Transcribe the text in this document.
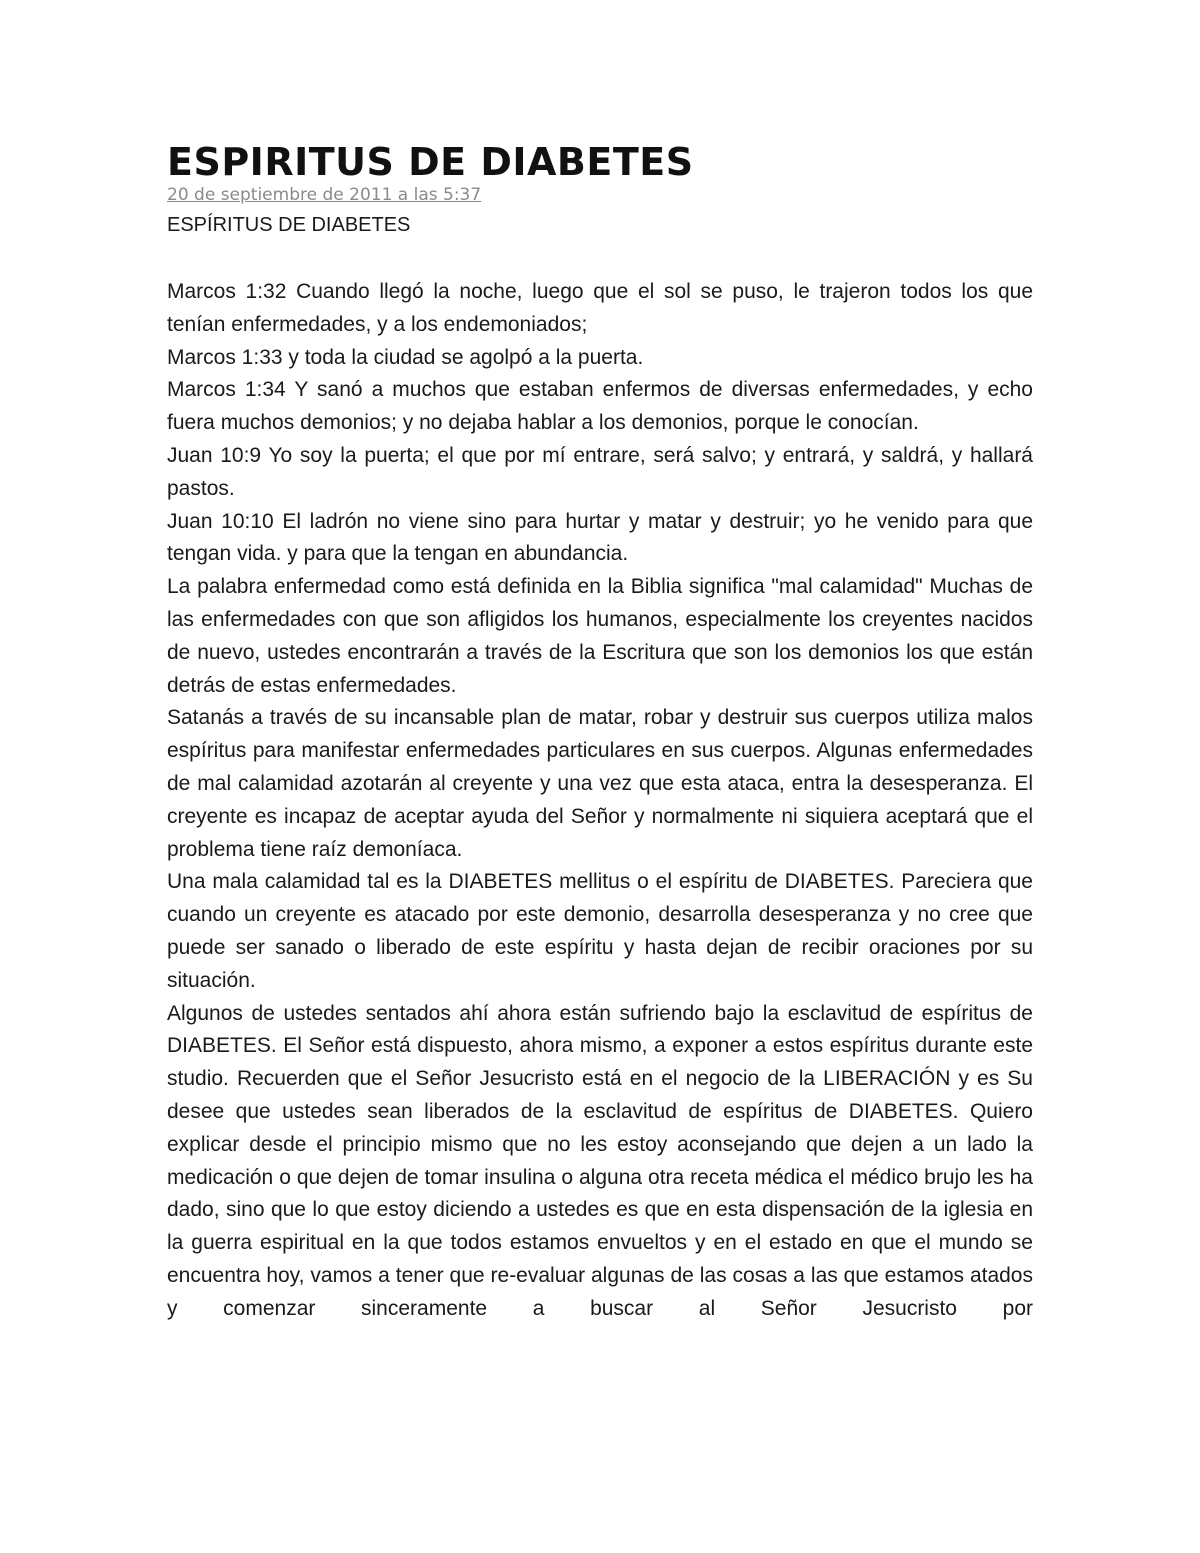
ESPIRITUS DE DIABETES
20 de septiembre de 2011 a las 5:37
ESPÍRITUS DE DIABETES

Marcos 1:32 Cuando llegó la noche, luego que el sol se puso, le trajeron todos los que tenían enfermedades, y a los endemoniados;

Marcos 1:33 y toda la ciudad se agolpó a la puerta.

Marcos 1:34 Y sanó a muchos que estaban enfermos de diversas enfermedades, y echo fuera muchos demonios; y no dejaba hablar a los demonios, porque le conocían.

Juan 10:9 Yo soy la puerta; el que por mí entrare, será salvo; y entrará, y saldrá, y hallará pastos.

Juan 10:10 El ladrón no viene sino para hurtar y matar y destruir; yo he venido para que tengan vida. y para que la tengan en abundancia.

La palabra enfermedad como está definida en la Biblia significa "mal calamidad" Muchas de las enfermedades con que son afligidos los humanos, especialmente los creyentes nacidos de nuevo, ustedes encontrarán a través de la Escritura que son los demonios los que están detrás de estas enfermedades.

Satanás a través de su incansable plan de matar, robar y destruir sus cuerpos utiliza malos espíritus para manifestar enfermedades particulares en sus cuerpos. Algunas enfermedades de mal calamidad azotarán al creyente y una vez que esta ataca, entra la desesperanza. El creyente es incapaz de aceptar ayuda del Señor y normalmente ni siquiera aceptará que el problema tiene raíz demoníaca.

Una mala calamidad tal es la DIABETES mellitus o el espíritu de DIABETES. Pareciera que cuando un creyente es atacado por este demonio, desarrolla desesperanza y no cree que puede ser sanado o liberado de este espíritu y hasta dejan de recibir oraciones por su situación.

Algunos de ustedes sentados ahí ahora están sufriendo bajo la esclavitud de espíritus de DIABETES. El Señor está dispuesto, ahora mismo, a exponer a estos espíritus durante este studio. Recuerden que el Señor Jesucristo está en el negocio de la LIBERACIÓN y es Su desee que ustedes sean liberados de la esclavitud de espíritus de DIABETES. Quiero explicar desde el principio mismo que no les estoy aconsejando que dejen a un lado la medicación o que dejen de tomar insulina o alguna otra receta médica el médico brujo les ha dado, sino que lo que estoy diciendo a ustedes es que en esta dispensación de la iglesia en la guerra espiritual en la que todos estamos envueltos y en el estado en que el mundo se encuentra hoy, vamos a tener que re-evaluar algunas de las cosas a las que estamos atados y comenzar sinceramente a buscar al Señor Jesucristo por
